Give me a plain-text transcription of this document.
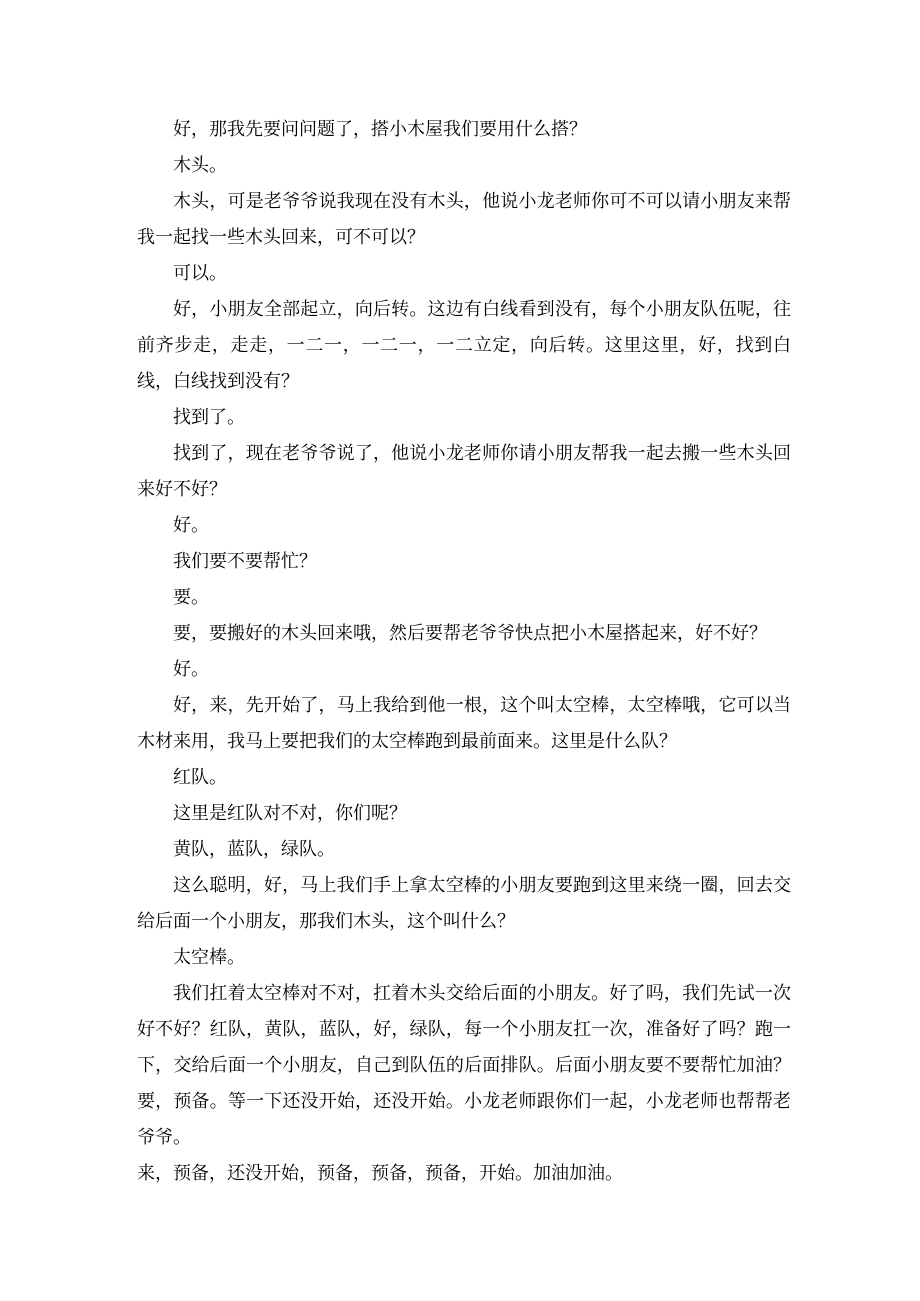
好，那我先要问问题了，搭小木屋我们要用什么搭？

木头。

木头，可是老爷爷说我现在没有木头，他说小龙老师你可不可以请小朋友来帮我一起找一些木头回来，可不可以？

可以。

好，小朋友全部起立，向后转。这边有白线看到没有，每个小朋友队伍呢，往前齐步走，走走，一二一，一二一，一二立定，向后转。这里这里，好，找到白线，白线找到没有？

找到了。

找到了，现在老爷爷说了，他说小龙老师你请小朋友帮我一起去搬一些木头回来好不好？

好。

我们要不要帮忙？

要。

要，要搬好的木头回来哦，然后要帮老爷爷快点把小木屋搭起来，好不好？

好。

好，来，先开始了，马上我给到他一根，这个叫太空棒，太空棒哦，它可以当木材来用，我马上要把我们的太空棒跑到最前面来。这里是什么队？

红队。

这里是红队对不对，你们呢？

黄队，蓝队，绿队。

这么聪明，好，马上我们手上拿太空棒的小朋友要跑到这里来绕一圈，回去交给后面一个小朋友，那我们木头，这个叫什么？

太空棒。

我们扛着太空棒对不对，扛着木头交给后面的小朋友。好了吗，我们先试一次好不好？红队，黄队，蓝队，好，绿队，每一个小朋友扛一次，准备好了吗？跑一下，交给后面一个小朋友，自己到队伍的后面排队。后面小朋友要不要帮忙加油？要，预备。等一下还没开始，还没开始。小龙老师跟你们一起，小龙老师也帮帮老爷爷。

来，预备，还没开始，预备，预备，预备，开始。加油加油。
